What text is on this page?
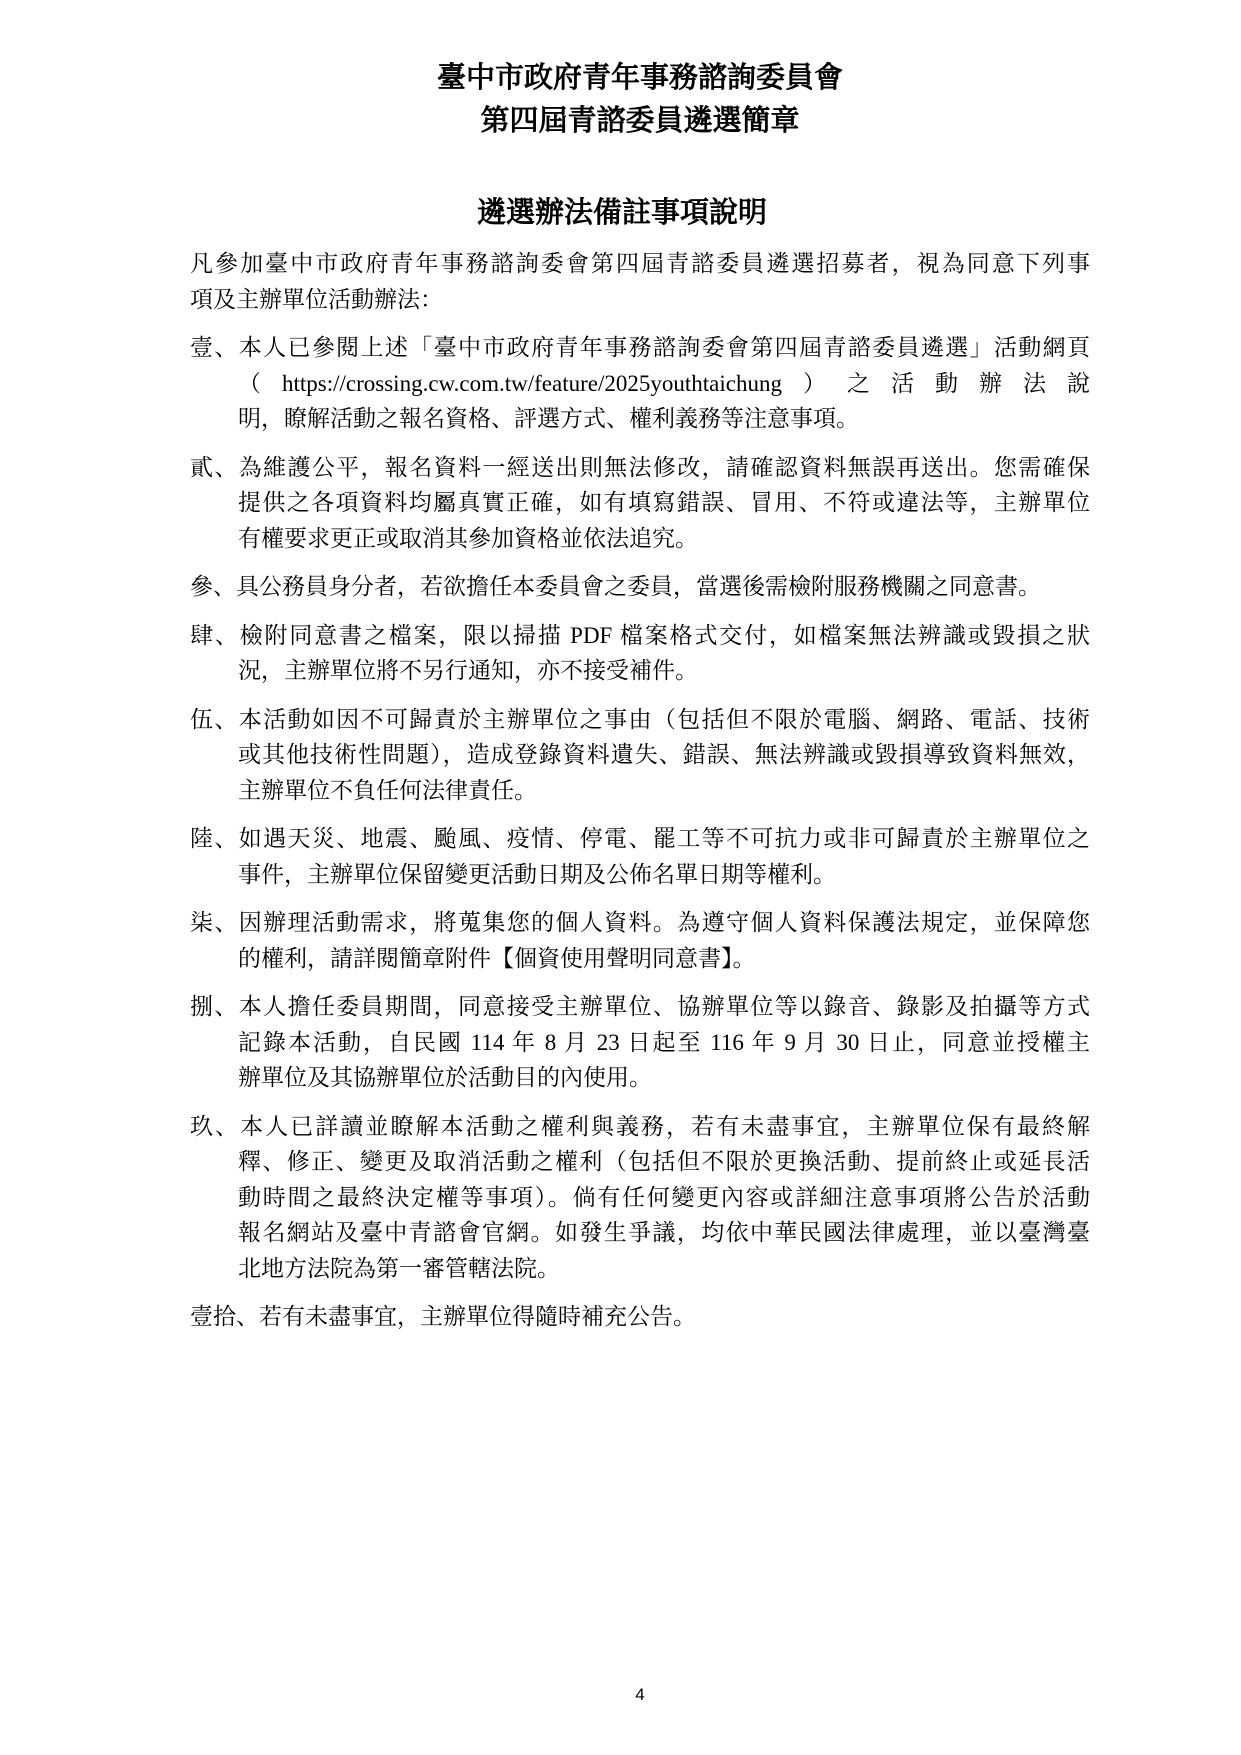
臺中市政府青年事務諮詢委員會
第四屆青諮委員遴選簡章
遴選辦法備註事項說明
凡參加臺中市政府青年事務諮詢委會第四屆青諮委員遴選招募者，視為同意下列事
項及主辦單位活動辦法：
壹、本人已參閱上述「臺中市政府青年事務諮詢委會第四屆青諮委員遴選」活動網頁
（https://crossing.cw.com.tw/feature/2025youthtaichung）之活動辦法說
明，瞭解活動之報名資格、評選方式、權利義務等注意事項。
貳、為維護公平，報名資料一經送出則無法修改，請確認資料無誤再送出。您需確保
提供之各項資料均屬真實正確，如有填寫錯誤、冒用、不符或違法等，主辦單位
有權要求更正或取消其參加資格並依法追究。
參、具公務員身分者，若欲擔任本委員會之委員，當選後需檢附服務機關之同意書。
肆、檢附同意書之檔案，限以掃描 PDF 檔案格式交付，如檔案無法辨識或毀損之狀
況，主辦單位將不另行通知，亦不接受補件。
伍、本活動如因不可歸責於主辦單位之事由（包括但不限於電腦、網路、電話、技術
或其他技術性問題），造成登錄資料遺失、錯誤、無法辨識或毀損導致資料無效，
主辦單位不負任何法律責任。
陸、如遇天災、地震、颱風、疫情、停電、罷工等不可抗力或非可歸責於主辦單位之
事件，主辦單位保留變更活動日期及公佈名單日期等權利。
柒、因辦理活動需求，將蒐集您的個人資料。為遵守個人資料保護法規定，並保障您
的權利，請詳閱簡章附件【個資使用聲明同意書】。
捌、本人擔任委員期間，同意接受主辦單位、協辦單位等以錄音、錄影及拍攝等方式
記錄本活動，自民國 114 年 8 月 23 日起至 116 年 9 月 30 日止，同意並授權主
辦單位及其協辦單位於活動目的內使用。
玖、本人已詳讀並瞭解本活動之權利與義務，若有未盡事宜，主辦單位保有最終解
釋、修正、變更及取消活動之權利（包括但不限於更換活動、提前終止或延長活
動時間之最終決定權等事項）。倘有任何變更內容或詳細注意事項將公告於活動
報名網站及臺中青諮會官網。如發生爭議，均依中華民國法律處理，並以臺灣臺
北地方法院為第一審管轄法院。
壹拾、若有未盡事宜，主辦單位得隨時補充公告。
4
